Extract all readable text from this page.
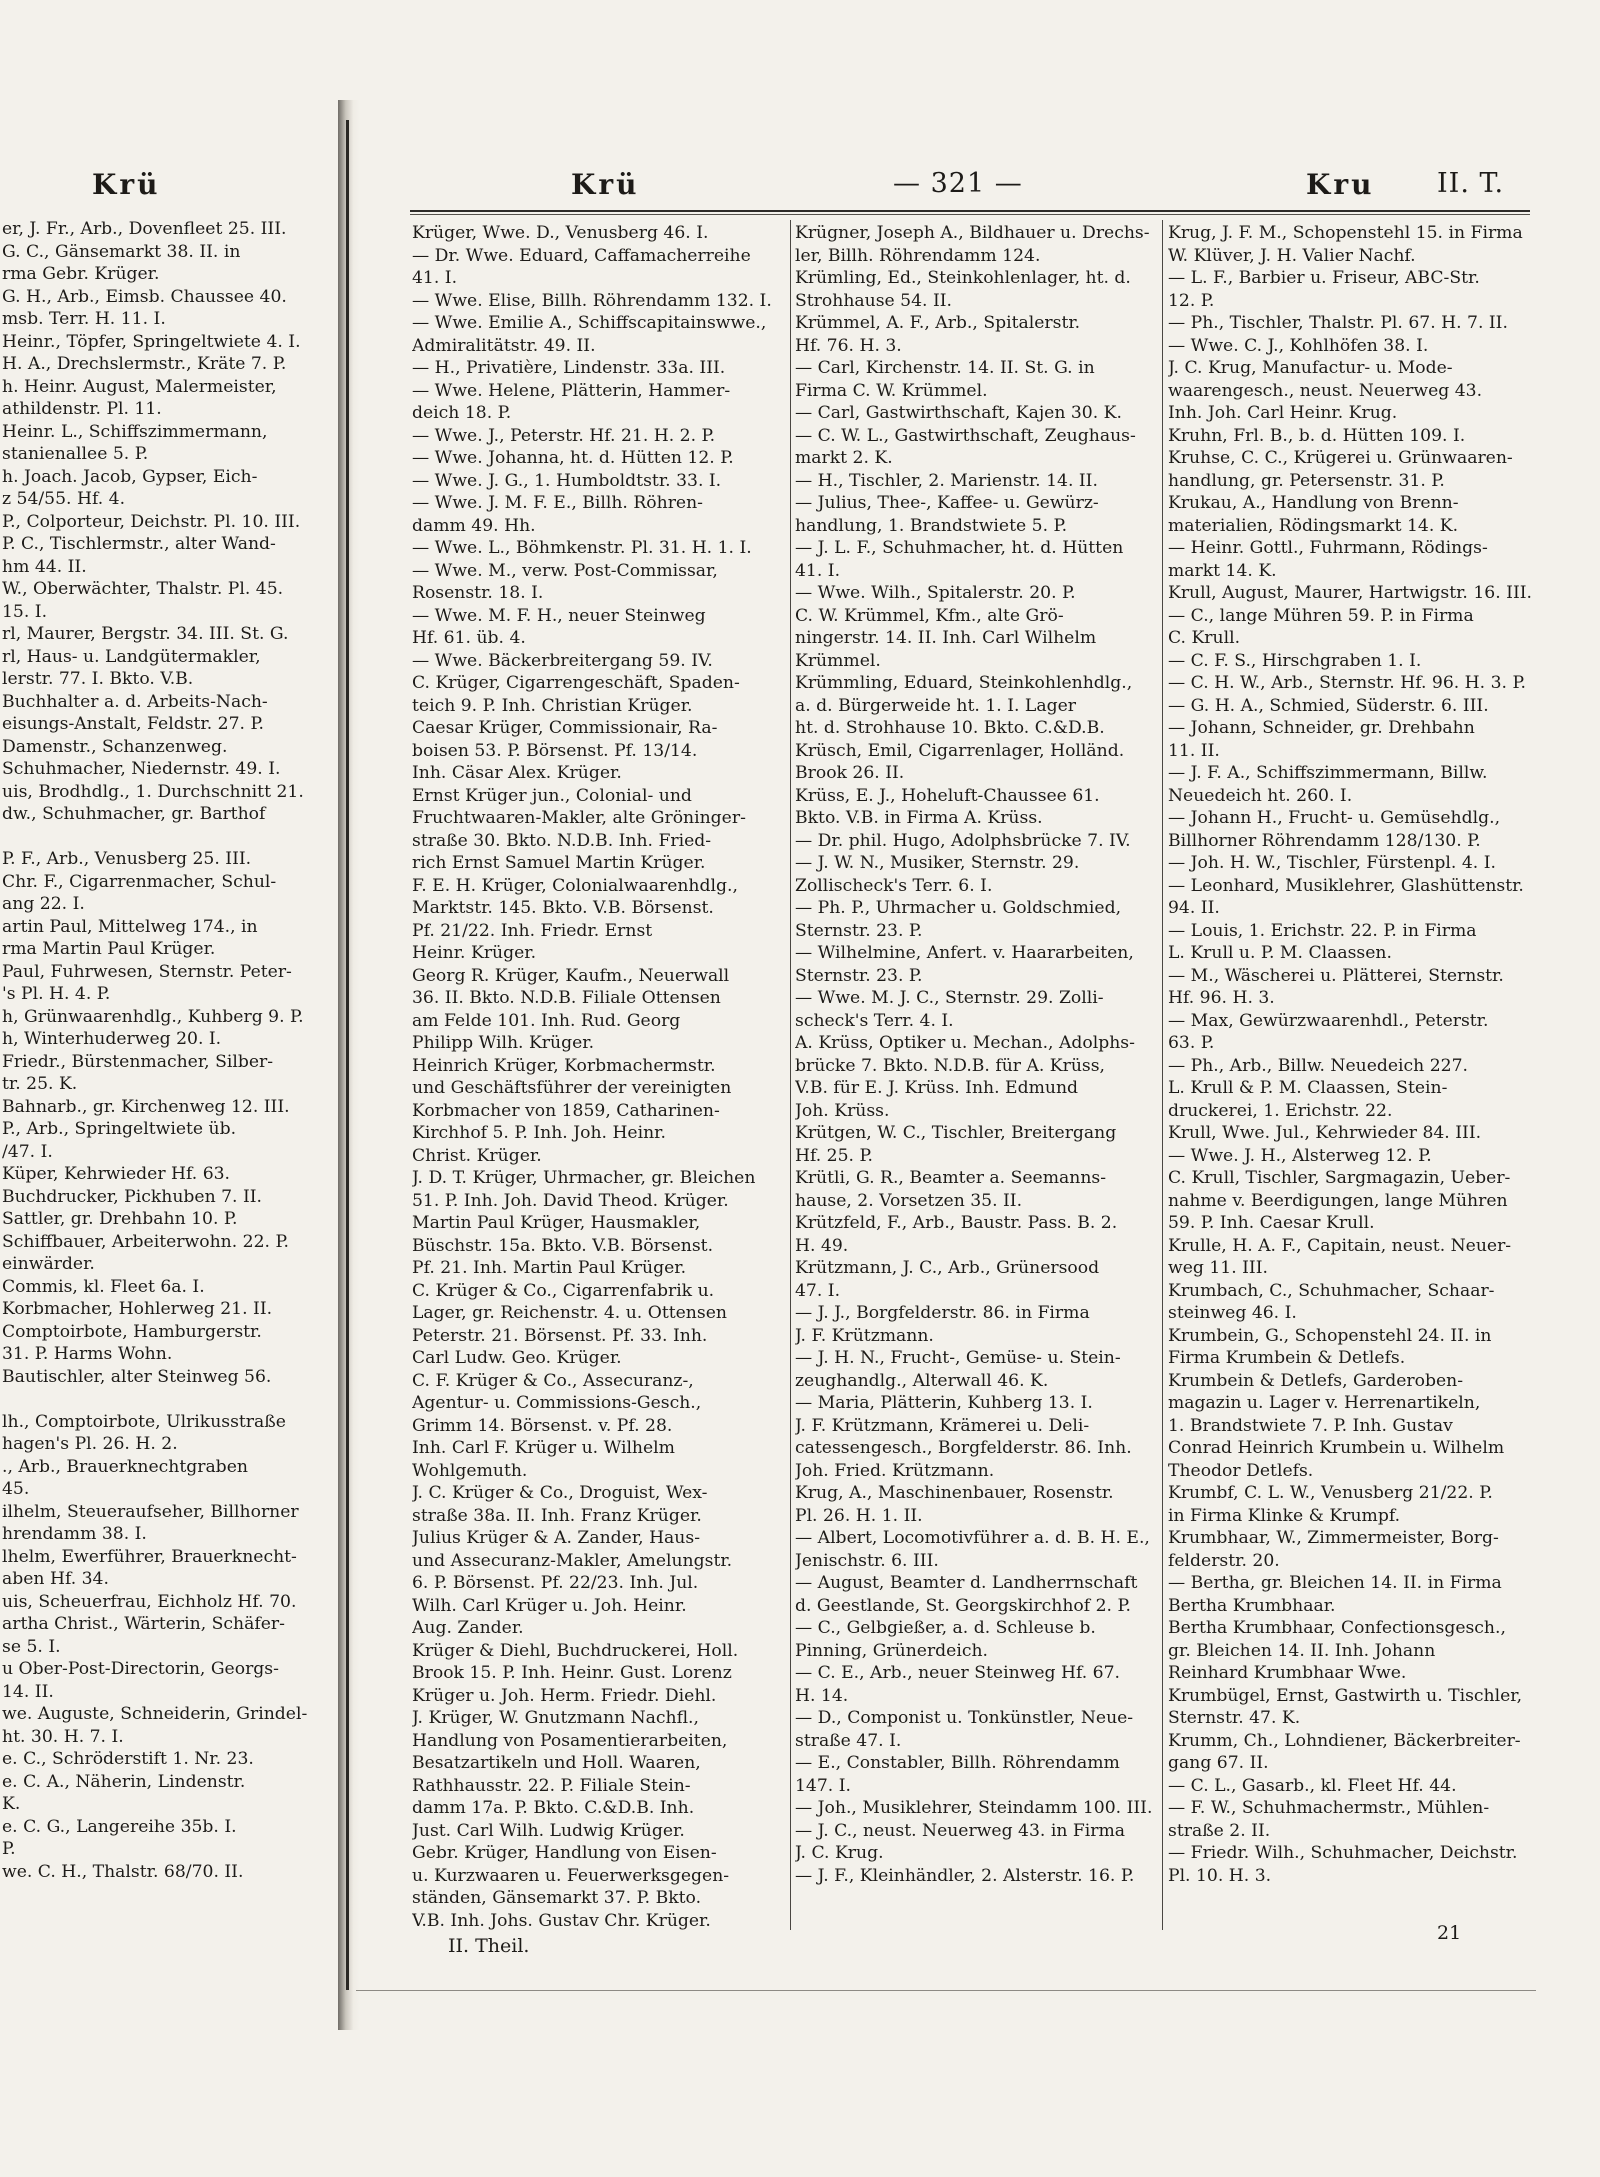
Krü
er, J. Fr., Arb., Dovenfleet 25. III.
G. C., Gänsemarkt 38. II. in
rma Gebr. Krüger.
G. H., Arb., Eimsb. Chaussee 40.
msb. Terr. H. 11. I.
Heinr., Töpfer, Springeltwiete 4. I.
H. A., Drechslermstr., Kräte 7. P.
h. Heinr. August, Malermeister,
athildenstr. Pl. 11.
Heinr. L., Schiffszimmermann,
stanienallee 5. P.
h. Joach. Jacob, Gypser, Eich-
z 54/55. Hf. 4.
P., Colporteur, Deichstr. Pl. 10. III.
P. C., Tischlermstr., alter Wand-
hm 44. II.
W., Oberwächter, Thalstr. Pl. 45.
15. I.
rl, Maurer, Bergstr. 34. III. St. G.
rl, Haus- u. Landgütermakler,
lerstr. 77. I. Bkto. V.B.
Buchhalter a. d. Arbeits-Nach-
eisungs-Anstalt, Feldstr. 27. P.
Damenstr., Schanzenweg.
Schuhmacher, Niedernstr. 49. I.
uis, Brodhdlg., 1. Durchschnitt 21.
dw., Schuhmacher, gr. Barthof
P. F., Arb., Venusberg 25. III.
Chr. F., Cigarrenmacher, Schul-
ang 22. I.
artin Paul, Mittelweg 174., in
rma Martin Paul Krüger.
Paul, Fuhrwesen, Sternstr. Peter-
's Pl. H. 4. P.
h, Grünwaarenhdlg., Kuhberg 9. P.
h, Winterhuderweg 20. I.
Friedr., Bürstenmacher, Silber-
tr. 25. K.
Bahnarb., gr. Kirchenweg 12. III.
P., Arb., Springeltwiete üb.
/47. I.
Küper, Kehrwieder Hf. 63.
Buchdrucker, Pickhuben 7. II.
Sattler, gr. Drehbahn 10. P.
Schiffbauer, Arbeiterwohn. 22. P.
einwärder.
Commis, kl. Fleet 6a. I.
Korbmacher, Hohlerweg 21. II.
Comptoirbote, Hamburgerstr.
31. P. Harms Wohn.
Bautischler, alter Steinweg 56.
lh., Comptoirbote, Ulrikusstraße
hagen's Pl. 26. H. 2.
., Arb., Brauerknechtgraben
45.
ilhelm, Steueraufseher, Billhorner
hrendamm 38. I.
lhelm, Ewerführer, Brauerknecht-
aben Hf. 34.
uis, Scheuerfrau, Eichholz Hf. 70.
artha Christ., Wärterin, Schäfer-
se 5. I.
u Ober-Post-Directorin, Georgs-
14. II.
we. Auguste, Schneiderin, Grindel-
ht. 30. H. 7. I.
e. C., Schröderstift 1. Nr. 23.
e. C. A., Näherin, Lindenstr.
K.
e. C. G., Langereihe 35b. I.
P.
we. C. H., Thalstr. 68/70. II.
Krü	— 321 —	Kru II. T.
Krüger, Wwe. D., Venusberg 46. I.
— Dr. Wwe. Eduard, Caffamacherreihe
41. I.
— Wwe. Elise, Billh. Röhrendamm 132. I.
— Wwe. Emilie A., Schiffscapitainswwe.,
Admiralitätstr. 49. II.
— H., Privatière, Lindenstr. 33a. III.
— Wwe. Helene, Plätterin, Hammer-
deich 18. P.
— Wwe. J., Peterstr. Hf. 21. H. 2. P.
— Wwe. Johanna, ht. d. Hütten 12. P.
— Wwe. J. G., 1. Humboldtstr. 33. I.
— Wwe. J. M. F. E., Billh. Röhren-
damm 49. Hh.
— Wwe. L., Böhmkenstr. Pl. 31. H. 1. I.
— Wwe. M., verw. Post-Commissar,
Rosenstr. 18. I.
— Wwe. M. F. H., neuer Steinweg
Hf. 61. üb. 4.
— Wwe. Bäckerbreitergang 59. IV.
C. Krüger, Cigarrengeschäft, Spaden-
teich 9. P. Inh. Christian Krüger.
Caesar Krüger, Commissionair, Ra-
boisen 53. P. Börsenst. Pf. 13/14.
Inh. Cäsar Alex. Krüger.
Ernst Krüger jun., Colonial- und
Fruchtwaaren-Makler, alte Gröninger-
straße 30. Bkto. N.D.B. Inh. Fried-
rich Ernst Samuel Martin Krüger.
F. E. H. Krüger, Colonialwaarenhdlg.,
Marktstr. 145. Bkto. V.B. Börsenst.
Pf. 21/22. Inh. Friedr. Ernst
Heinr. Krüger.
Georg R. Krüger, Kaufm., Neuerwall
36. II. Bkto. N.D.B. Filiale Ottensen
am Felde 101. Inh. Rud. Georg
Philipp Wilh. Krüger.
Heinrich Krüger, Korbmachermstr.
und Geschäftsführer der vereinigten
Korbmacher von 1859, Catharinen-
Kirchhof 5. P. Inh. Joh. Heinr.
Christ. Krüger.
J. D. T. Krüger, Uhrmacher, gr. Bleichen
51. P. Inh. Joh. David Theod. Krüger.
Martin Paul Krüger, Hausmakler,
Büschstr. 15a. Bkto. V.B. Börsenst.
Pf. 21. Inh. Martin Paul Krüger.
C. Krüger & Co., Cigarrenfabrik u.
Lager, gr. Reichenstr. 4. u. Ottensen
Peterstr. 21. Börsenst. Pf. 33. Inh.
Carl Ludw. Geo. Krüger.
C. F. Krüger & Co., Assecuranz-,
Agentur- u. Commissions-Gesch.,
Grimm 14. Börsenst. v. Pf. 28.
Inh. Carl F. Krüger u. Wilhelm
Wohlgemuth.
J. C. Krüger & Co., Droguist, Wex-
straße 38a. II. Inh. Franz Krüger.
Julius Krüger & A. Zander, Haus-
und Assecuranz-Makler, Amelungstr.
6. P. Börsenst. Pf. 22/23. Inh. Jul.
Wilh. Carl Krüger u. Joh. Heinr.
Aug. Zander.
Krüger & Diehl, Buchdruckerei, Holl.
Brook 15. P. Inh. Heinr. Gust. Lorenz
Krüger u. Joh. Herm. Friedr. Diehl.
J. Krüger, W. Gnutzmann Nachfl.,
Handlung von Posamentierarbeiten,
Besatzartikeln und Holl. Waaren,
Rathhausstr. 22. P. Filiale Stein-
damm 17a. P. Bkto. C.&D.B. Inh.
Just. Carl Wilh. Ludwig Krüger.
Gebr. Krüger, Handlung von Eisen-
u. Kurzwaaren u. Feuerwerksgegen-
ständen, Gänsemarkt 37. P. Bkto.
V.B. Inh. Johs. Gustav Chr. Krüger.
Krügner, Joseph A., Bildhauer u. Drechs-
ler, Billh. Röhrendamm 124.
Krümling, Ed., Steinkohlenlager, ht. d.
Strohhause 54. II.
Krümmel, A. F., Arb., Spitalerstr.
Hf. 76. H. 3.
— Carl, Kirchenstr. 14. II. St. G. in
Firma C. W. Krümmel.
— Carl, Gastwirthschaft, Kajen 30. K.
— C. W. L., Gastwirthschaft, Zeughaus-
markt 2. K.
— H., Tischler, 2. Marienstr. 14. II.
— Julius, Thee-, Kaffee- u. Gewürz-
handlung, 1. Brandstwiete 5. P.
— J. L. F., Schuhmacher, ht. d. Hütten
41. I.
— Wwe. Wilh., Spitalerstr. 20. P.
C. W. Krümmel, Kfm., alte Grö-
ningerstr. 14. II. Inh. Carl Wilhelm
Krümmel.
Krümmling, Eduard, Steinkohlenhdlg.,
a. d. Bürgerweide ht. 1. I. Lager
ht. d. Strohhause 10. Bkto. C.&D.B.
Krüsch, Emil, Cigarrenlager, Holländ.
Brook 26. II.
Krüss, E. J., Hoheluft-Chaussee 61.
Bkto. V.B. in Firma A. Krüss.
— Dr. phil. Hugo, Adolphsbrücke 7. IV.
— J. W. N., Musiker, Sternstr. 29.
Zollischeck's Terr. 6. I.
— Ph. P., Uhrmacher u. Goldschmied,
Sternstr. 23. P.
— Wilhelmine, Anfert. v. Haararbeiten,
Sternstr. 23. P.
— Wwe. M. J. C., Sternstr. 29. Zolli-
scheck's Terr. 4. I.
A. Krüss, Optiker u. Mechan., Adolphs-
brücke 7. Bkto. N.D.B. für A. Krüss,
V.B. für E. J. Krüss. Inh. Edmund
Joh. Krüss.
Krütgen, W. C., Tischler, Breitergang
Hf. 25. P.
Krütli, G. R., Beamter a. Seemanns-
hause, 2. Vorsetzen 35. II.
Krützfeld, F., Arb., Baustr. Pass. B. 2.
H. 49.
Krützmann, J. C., Arb., Grünersood
47. I.
— J. J., Borgfelderstr. 86. in Firma
J. F. Krützmann.
— J. H. N., Frucht-, Gemüse- u. Stein-
zeughandlg., Alterwall 46. K.
— Maria, Plätterin, Kuhberg 13. I.
J. F. Krützmann, Krämerei u. Deli-
catessengesch., Borgfelderstr. 86. Inh.
Joh. Fried. Krützmann.
Krug, A., Maschinenbauer, Rosenstr.
Pl. 26. H. 1. II.
— Albert, Locomotivführer a. d. B. H. E.,
Jenischstr. 6. III.
— August, Beamter d. Landherrnschaft
d. Geestlande, St. Georgskirchhof 2. P.
— C., Gelbgießer, a. d. Schleuse b.
Pinning, Grünerdeich.
— C. E., Arb., neuer Steinweg Hf. 67.
H. 14.
— D., Componist u. Tonkünstler, Neue-
straße 47. I.
— E., Constabler, Billh. Röhrendamm
147. I.
— Joh., Musiklehrer, Steindamm 100. III.
— J. C., neust. Neuerweg 43. in Firma
J. C. Krug.
— J. F., Kleinhändler, 2. Alsterstr. 16. P.
Krug, J. F. M., Schopenstehl 15. in Firma
W. Klüver, J. H. Valier Nachf.
— L. F., Barbier u. Friseur, ABC-Str.
12. P.
— Ph., Tischler, Thalstr. Pl. 67. H. 7. II.
— Wwe. C. J., Kohlhöfen 38. I.
J. C. Krug, Manufactur- u. Mode-
waarengesch., neust. Neuerweg 43.
Inh. Joh. Carl Heinr. Krug.
Kruhn, Frl. B., b. d. Hütten 109. I.
Kruhse, C. C., Krügerei u. Grünwaaren-
handlung, gr. Petersenstr. 31. P.
Krukau, A., Handlung von Brenn-
materialien, Rödingsmarkt 14. K.
— Heinr. Gottl., Fuhrmann, Rödings-
markt 14. K.
Krull, August, Maurer, Hartwigstr. 16. III.
— C., lange Mühren 59. P. in Firma
C. Krull.
— C. F. S., Hirschgraben 1. I.
— C. H. W., Arb., Sternstr. Hf. 96. H. 3. P.
— G. H. A., Schmied, Süderstr. 6. III.
— Johann, Schneider, gr. Drehbahn
11. II.
— J. F. A., Schiffszimmermann, Billw.
Neuedeich ht. 260. I.
— Johann H., Frucht- u. Gemüsehdlg.,
Billhorner Röhrendamm 128/130. P.
— Joh. H. W., Tischler, Fürstenpl. 4. I.
— Leonhard, Musiklehrer, Glashüttenstr.
94. II.
— Louis, 1. Erichstr. 22. P. in Firma
L. Krull u. P. M. Claassen.
— M., Wäscherei u. Plätterei, Sternstr.
Hf. 96. H. 3.
— Max, Gewürzwaarenhdl., Peterstr.
63. P.
— Ph., Arb., Billw. Neuedeich 227.
L. Krull & P. M. Claassen, Stein-
druckerei, 1. Erichstr. 22.
Krull, Wwe. Jul., Kehrwieder 84. III.
— Wwe. J. H., Alsterweg 12. P.
C. Krull, Tischler, Sargmagazin, Ueber-
nahme v. Beerdigungen, lange Mühren
59. P. Inh. Caesar Krull.
Krulle, H. A. F., Capitain, neust. Neuer-
weg 11. III.
Krumbach, C., Schuhmacher, Schaar-
steinweg 46. I.
Krumbein, G., Schopenstehl 24. II. in
Firma Krumbein & Detlefs.
Krumbein & Detlefs, Garderoben-
magazin u. Lager v. Herrenartikeln,
1. Brandstwiete 7. P. Inh. Gustav
Conrad Heinrich Krumbein u. Wilhelm
Theodor Detlefs.
Krumbf, C. L. W., Venusberg 21/22. P.
in Firma Klinke & Krumpf.
Krumbhaar, W., Zimmermeister, Borg-
felderstr. 20.
— Bertha, gr. Bleichen 14. II. in Firma
Bertha Krumbhaar.
Bertha Krumbhaar, Confectionsgesch.,
gr. Bleichen 14. II. Inh. Johann
Reinhard Krumbhaar Wwe.
Krumbügel, Ernst, Gastwirth u. Tischler,
Sternstr. 47. K.
Krumm, Ch., Lohndiener, Bäckerbreiter-
gang 67. II.
— C. L., Gasarb., kl. Fleet Hf. 44.
— F. W., Schuhmachermstr., Mühlen-
straße 2. II.
— Friedr. Wilh., Schuhmacher, Deichstr.
Pl. 10. H. 3.
II. Theil.
21
